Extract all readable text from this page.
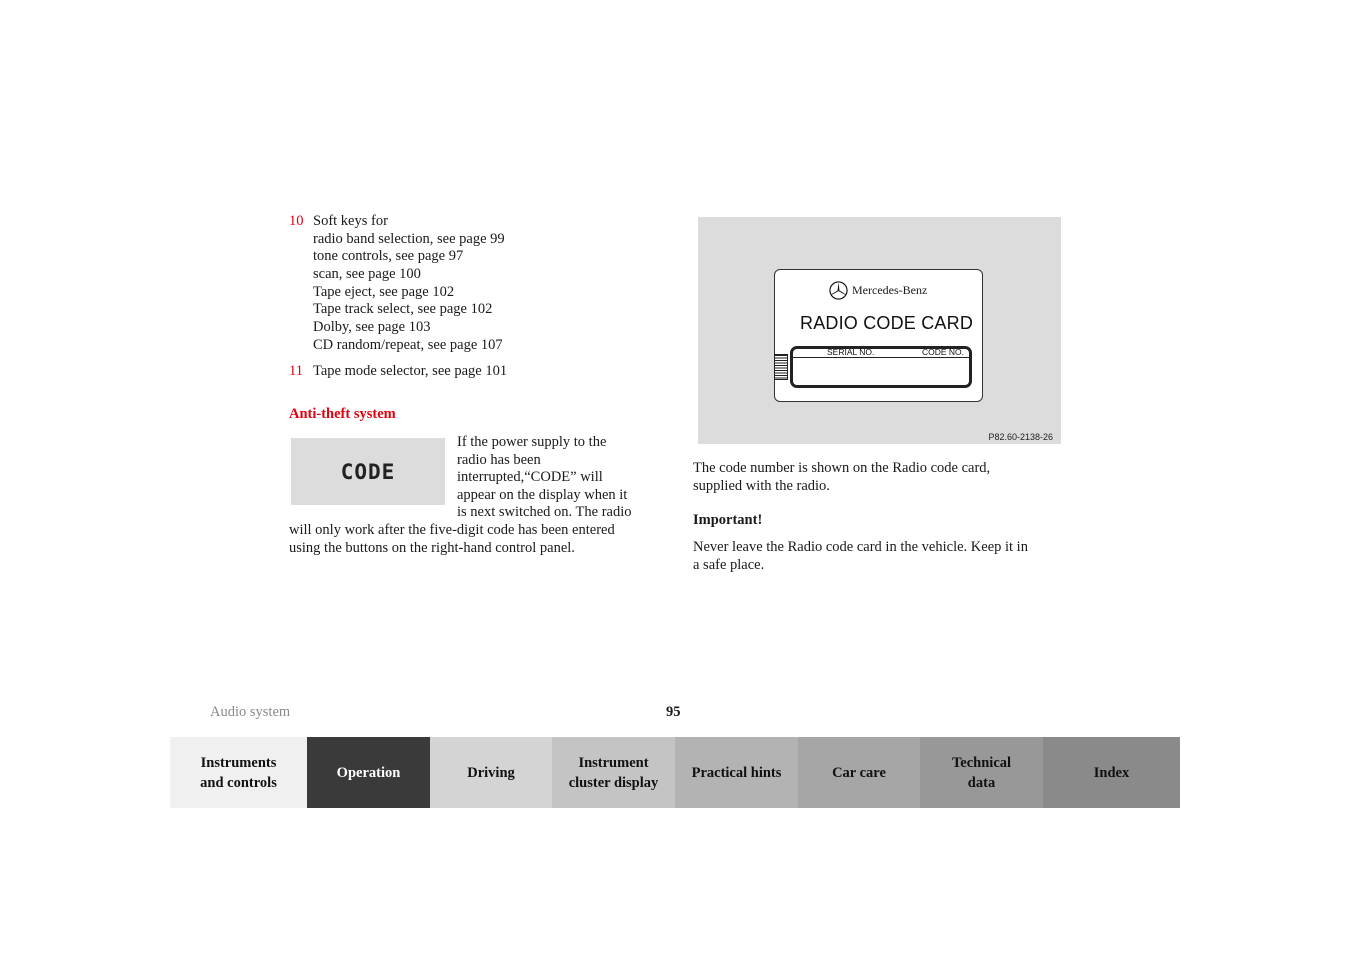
10 Soft keys for
radio band selection, see page 99
tone controls, see page 97
scan, see page 100
Tape eject, see page 102
Tape track select, see page 102
Dolby, see page 103
CD random/repeat, see page 107
11 Tape mode selector, see page 101
Anti-theft system
CODE
If the power supply to the
radio has been
interrupted,“CODE” will
appear on the display when it
is next switched on. The radio
will only work after the five-digit code has been entered
using the buttons on the right-hand control panel.
Mercedes-Benz
RADIO CODE CARD
SERIAL NO.	CODE NO.
P82.60-2138-26
The code number is shown on the Radio code card,
supplied with the radio.
Important!
Never leave the Radio code card in the vehicle. Keep it in
a safe place.
Audio system	95
Instruments
and controls
Operation	Driving
Instrument
cluster display
Practical hints	Car care
Technical
data
Index
